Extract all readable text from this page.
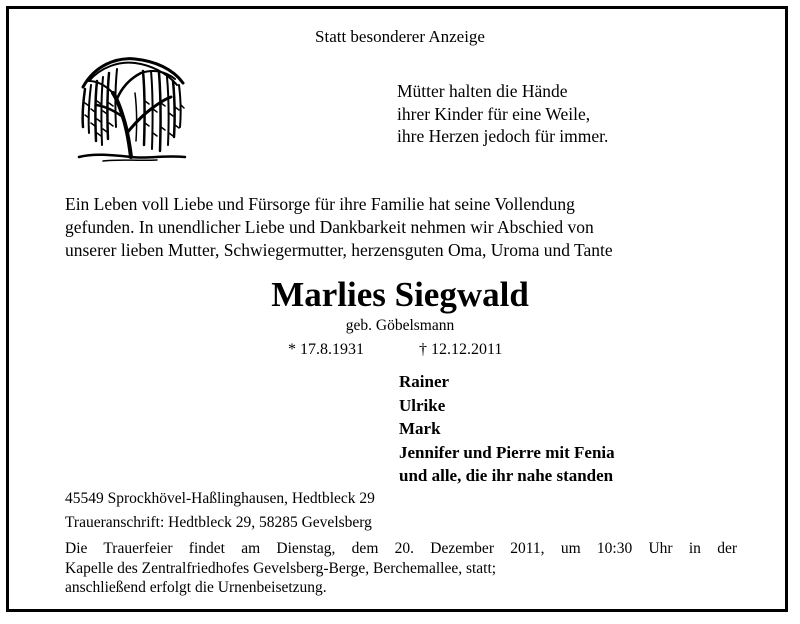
Statt besonderer Anzeige
Mütter halten die Hände
ihrer Kinder für eine Weile,
ihre Herzen jedoch für immer.
Ein Leben voll Liebe und Fürsorge für ihre Familie hat seine Vollendung
gefunden. In unendlicher Liebe und Dankbarkeit nehmen wir Abschied von
unserer lieben Mutter, Schwiegermutter, herzensguten Oma, Uroma und Tante
Marlies Siegwald
geb. Göbelsmann
* 17.8.1931	† 12.12.2011
Rainer
Ulrike
Mark
Jennifer und Pierre mit Fenia
und alle, die ihr nahe standen
45549 Sprockhövel-Haßlinghausen, Hedtbleck 29
Traueranschrift: Hedtbleck 29, 58285 Gevelsberg
Die Trauerfeier findet am Dienstag, dem 20. Dezember 2011, um 10:30 Uhr in der
Kapelle des Zentralfriedhofes Gevelsberg-Berge, Berchemallee, statt;
anschließend erfolgt die Urnenbeisetzung.
